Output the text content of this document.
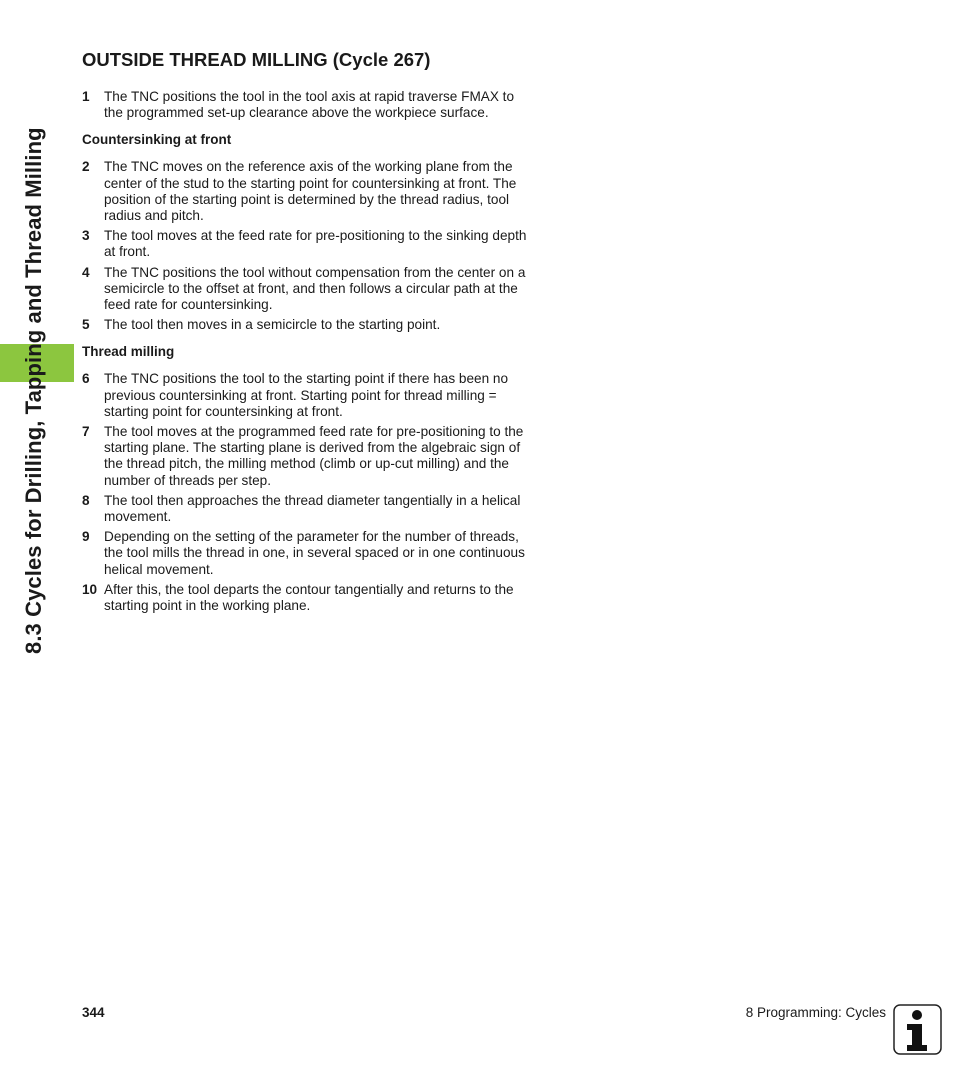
8.3 Cycles for Drilling, Tapping and Thread Milling
OUTSIDE THREAD MILLING (Cycle 267)
1	The TNC positions the tool in the tool axis at rapid traverse FMAX to the programmed set-up clearance above the workpiece surface.
Countersinking at front
2	The TNC moves on the reference axis of the working plane from the center of the stud to the starting point for countersinking at front. The position of the starting point is determined by the thread radius, tool radius and pitch.
3	The tool moves at the feed rate for pre-positioning to the sinking depth at front.
4	The TNC positions the tool without compensation from the center on a semicircle to the offset at front, and then follows a circular path at the feed rate for countersinking.
5	The tool then moves in a semicircle to the starting point.
Thread milling
6	The TNC positions the tool to the starting point if there has been no previous countersinking at front. Starting point for thread milling = starting point for countersinking at front.
7	The tool moves at the programmed feed rate for pre-positioning to the starting plane. The starting plane is derived from the algebraic sign of the thread pitch, the milling method (climb or up-cut milling) and the number of threads per step.
8	The tool then approaches the thread diameter tangentially in a helical movement.
9	Depending on the setting of the parameter for the number of threads, the tool mills the thread in one, in several spaced or in one continuous helical movement.
10 After this, the tool departs the contour tangentially and returns to the starting point in the working plane.
344	8 Programming: Cycles
